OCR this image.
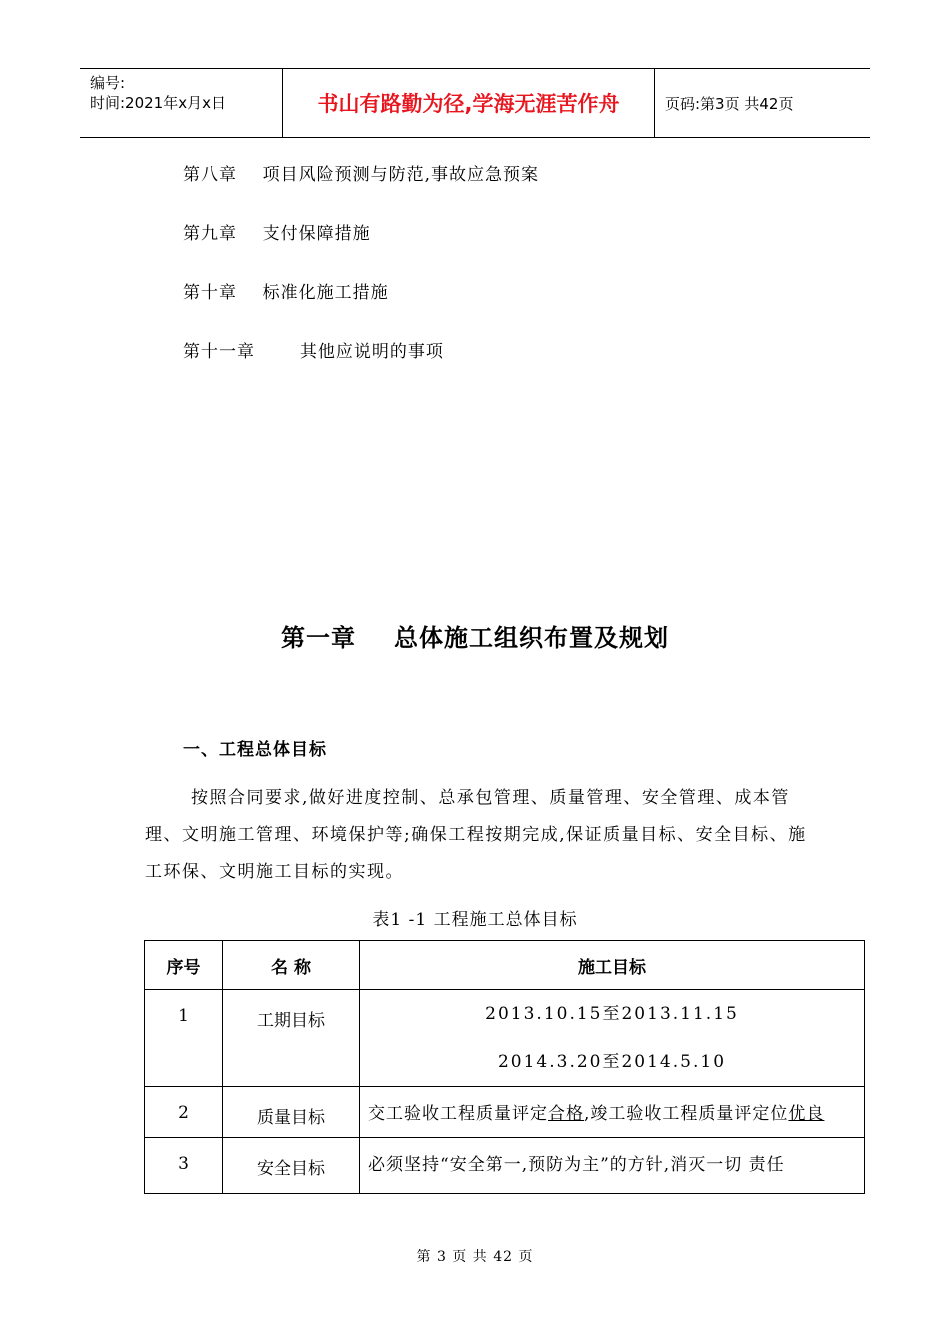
编号:
时间:2021年x月x日	书山有路勤为径,学海无涯苦作舟	页码:第3页 共42页
第八章 项目风险预测与防范,事故应急预案
第九章 支付保障措施
第十章 标准化施工措施
第十一章	其他应说明的事项
第一章 总体施工组织布置及规划
一、工程总体目标
按照合同要求,做好进度控制、总承包管理、质量管理、安全管理、成本管理、文明施工管理、环境保护等;确保工程按期完成,保证质量目标、安全目标、施工环保、文明施工目标的实现。
表1 -1 工程施工总体目标
序号	名 称	施工目标
1	工期目标	2013.10.15至2013.11.15
2014.3.20至2014.5.10

2	质量目标	交工验收工程质量评定合格,竣工验收工程质量评定位优良
3	安全目标	必须坚持“安全第一,预防为主”的方针,消灭一切 责任
第 3 页 共 42 页
